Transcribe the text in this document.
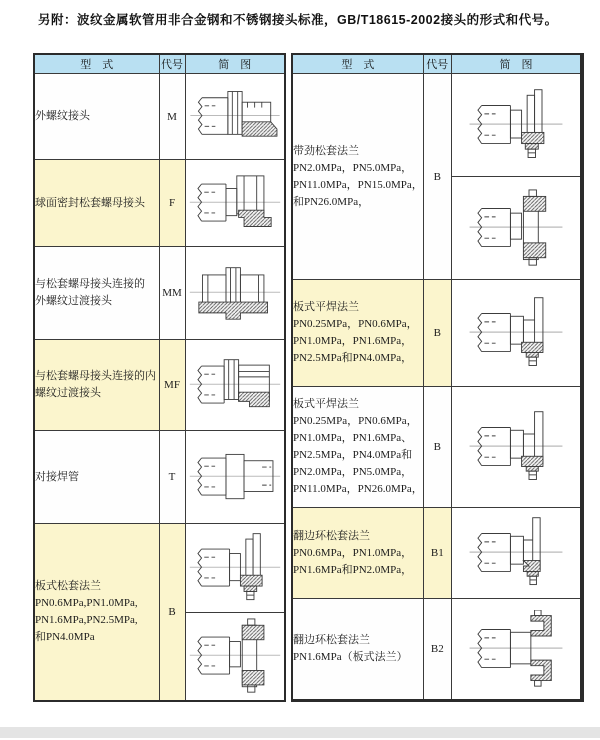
另附：波纹金属软管用非合金钢和不锈钢接头标准，GB/T18615-2002接头的形式和代号。
型　式	代号	简　图

外螺纹接头	M	

球面密封松套螺母接头	F	

与松套螺母接头连接的
外螺纹过渡接头	MM	

与松套螺母接头连接的内
螺纹过渡接头	MF	

对接焊管	T	

板式松套法兰
PN0.6MPa,PN1.0MPa,
PN1.6MPa,PN2.5MPa,
和PN4.0MPa	B	
型　式	代号	简　图

带劲松套法兰
PN2.0MPa，PN5.0MPa，
PN11.0MPa，PN15.0MPa，
和PN26.0MPa，	B	

板式平焊法兰
PN0.25MPa，PN0.6MPa，
PN1.0MPa，PN1.6MPa，
PN2.5MPa和PN4.0MPa，	B	

板式平焊法兰
PN0.25MPa，PN0.6MPa，
PN1.0MPa，PN1.6MPa、
PN2.5MPa，PN4.0MPa和
PN2.0MPa，PN5.0MPa，
PN11.0MPa，PN26.0MPa，
	B	

翻边环松套法兰
PN0.6MPa，PN1.0MPa，
PN1.6MPa和PN2.0MPa，	B1	

翻边环松套法兰
PN1.6MPa（板式法兰）	B2	
